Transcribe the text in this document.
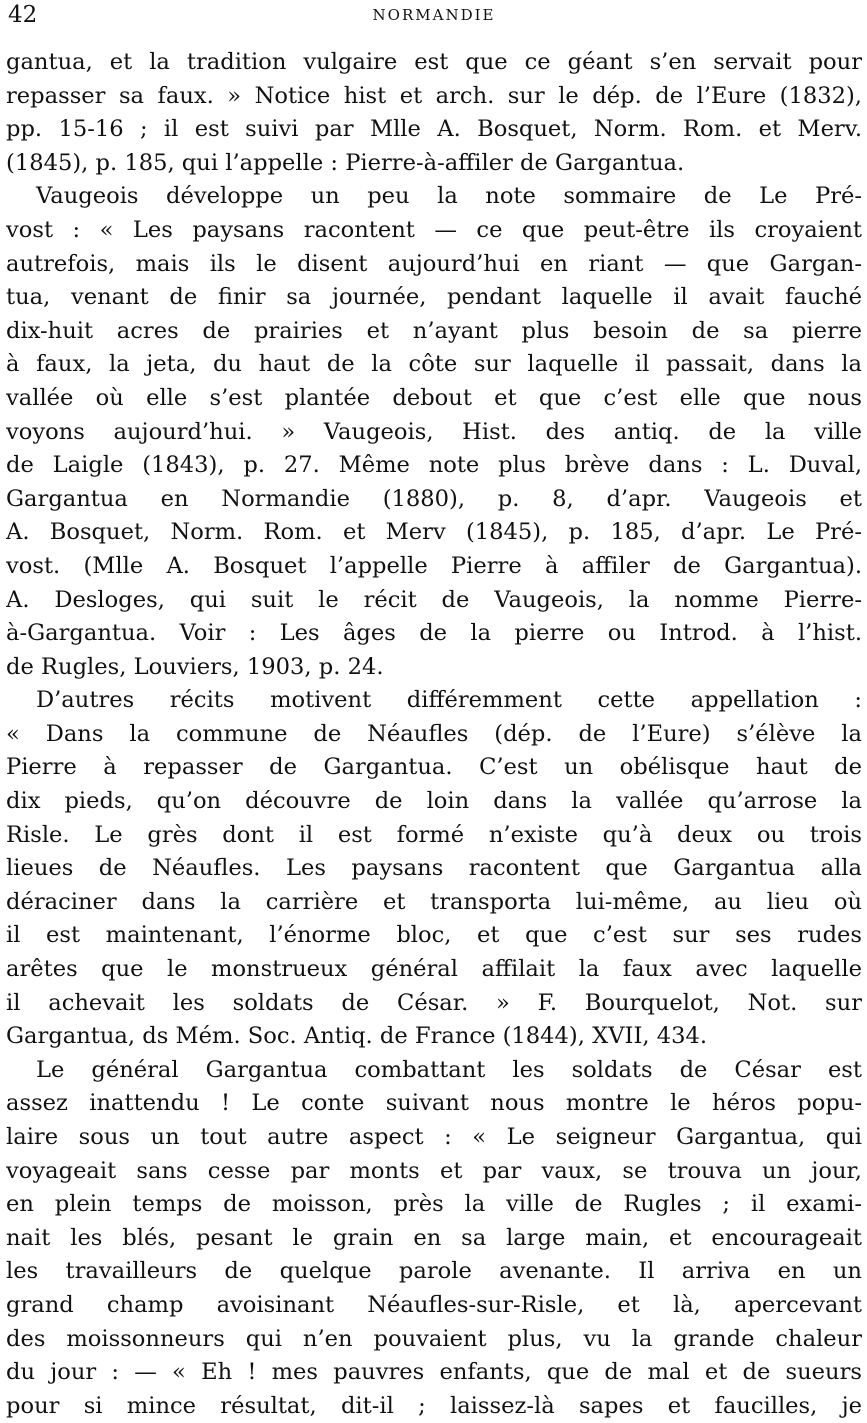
42	NORMANDIE
gantua, et la tradition vulgaire est que ce géant s’en servait pour
repasser sa faux. » Notice hist et arch. sur le dép. de l’Eure (1832),
pp. 15-16 ; il est suivi par Mlle A. Bosquet, Norm. Rom. et Merv.
(1845), p. 185, qui l’appelle : Pierre-à-affiler de Gargantua.
Vaugeois développe un peu la note sommaire de Le Pré-
vost : « Les paysans racontent — ce que peut-être ils croyaient
autrefois, mais ils le disent aujourd’hui en riant — que Gargan-
tua, venant de finir sa journée, pendant laquelle il avait fauché
dix-huit acres de prairies et n’ayant plus besoin de sa pierre
à faux, la jeta, du haut de la côte sur laquelle il passait, dans la
vallée où elle s’est plantée debout et que c’est elle que nous
voyons aujourd’hui. » Vaugeois, Hist. des antiq. de la ville
de Laigle (1843), p. 27. Même note plus brève dans : L. Duval,
Gargantua en Normandie (1880), p. 8, d’apr. Vaugeois et
A. Bosquet, Norm. Rom. et Merv (1845), p. 185, d’apr. Le Pré-
vost. (Mlle A. Bosquet l’appelle Pierre à affiler de Gargantua).
A. Desloges, qui suit le récit de Vaugeois, la nomme Pierre-
à-Gargantua. Voir : Les âges de la pierre ou Introd. à l’hist.
de Rugles, Louviers, 1903, p. 24.
D’autres récits motivent différemment cette appellation :
« Dans la commune de Néaufles (dép. de l’Eure) s’élève la
Pierre à repasser de Gargantua. C’est un obélisque haut de
dix pieds, qu’on découvre de loin dans la vallée qu’arrose la
Risle. Le grès dont il est formé n’existe qu’à deux ou trois
lieues de Néaufles. Les paysans racontent que Gargantua alla
déraciner dans la carrière et transporta lui-même, au lieu où
il est maintenant, l’énorme bloc, et que c’est sur ses rudes
arêtes que le monstrueux général affilait la faux avec laquelle
il achevait les soldats de César. » F. Bourquelot, Not. sur
Gargantua, ds Mém. Soc. Antiq. de France (1844), XVII, 434.
Le général Gargantua combattant les soldats de César est
assez inattendu ! Le conte suivant nous montre le héros popu-
laire sous un tout autre aspect : « Le seigneur Gargantua, qui
voyageait sans cesse par monts et par vaux, se trouva un jour,
en plein temps de moisson, près la ville de Rugles ; il exami-
nait les blés, pesant le grain en sa large main, et encourageait
les travailleurs de quelque parole avenante. Il arriva en un
grand champ avoisinant Néaufles-sur-Risle, et là, apercevant
des moissonneurs qui n’en pouvaient plus, vu la grande chaleur
du jour : — « Eh ! mes pauvres enfants, que de mal et de sueurs
pour si mince résultat, dit-il ; laissez-là sapes et faucilles, je
